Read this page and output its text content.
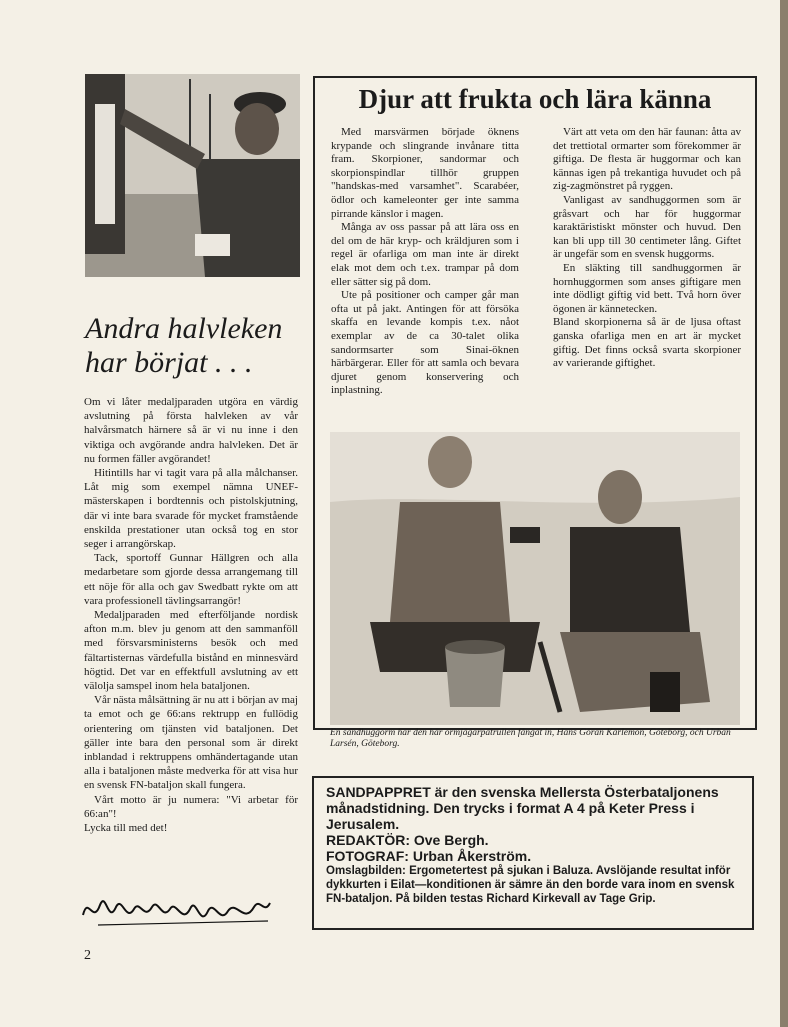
Andra halvleken har börjat . . .

Om vi låter medaljparaden utgöra en värdig avslutning på första halvleken av vår halvårsmatch härnere så är vi nu inne i den viktiga och avgörande andra halvleken. Det är nu formen fäller avgörandet!

Hitintills har vi tagit vara på alla målchanser. Låt mig som exempel nämna UNEF-mästerskapen i bordtennis och pistolskjutning, där vi inte bara svarade för mycket framstående enskilda prestationer utan också tog en stor seger i arrangörskap.

Tack, sportoff Gunnar Hällgren och alla medarbetare som gjorde dessa arrangemang till ett nöje för alla och gav Swedbatt rykte om att vara professionell tävlingsarrangör!

Medaljparaden med efterföljande nordisk afton m.m. blev ju genom att den sammanföll med försvarsministerns besök och med fältartisternas värdefulla bistånd en minnesvärd högtid. Det var en effektfull avslutning av ett välolja samspel inom hela bataljonen.

Vår nästa målsättning är nu att i början av maj ta emot och ge 66:ans rektrupp en fullödig orientering om tjänsten vid bataljonen. Det gäller inte bara den personal som är direkt inblandad i rektruppens omhändertagande utan alla i bataljonen måste medverka för att visa hur en svensk FN-bataljon skall fungera.

Vårt motto är ju numera: "Vi arbetar för 66:an"!

Lycka till med det!

2
Djur att frukta och lära känna

Med marsvärmen började öknens krypande och slingrande invånare titta fram. Skorpioner, sandormar och skorpionspindlar tillhör gruppen "handskas-med varsamhet". Scarabéer, ödlor och kameleonter ger inte samma pirrande känslor i magen.

Många av oss passar på att lära oss en del om de här kryp- och kräldjuren som i regel är ofarliga om man inte är direkt elak mot dem och t.ex. trampar på dom eller sätter sig på dom.

Ute på positioner och camper går man ofta ut på jakt. Antingen för att försöka skaffa en levande kompis t.ex. nåot exemplar av de ca 30-talet olika sandormsarter som Sinai-öknen härbärgerar. Eller för att samla och bevara djuret genom konservering och inplastning.

Värt att veta om den här faunan: åtta av det trettiotal ormarter som förekommer är giftiga. De flesta är huggormar och kan kännas igen på trekantiga huvudet och på zig-zagmönstret på ryggen.

Vanligast av sandhuggormen som är gråsvart och har för huggormar karaktäristiskt mönster och huvud. Den kan bli upp till 30 centimeter lång. Giftet är ungefär som en svensk huggorms.

En släkting till sandhuggormen är hornhuggormen som anses giftigare men inte dödligt giftig vid bett. Två horn över ögonen är kännetecken.

Bland skorpionerna så är de ljusa oftast ganska ofarliga men en art är mycket giftig. Det finns också svarta skorpioner av varierande giftighet.

En sandhuggorm har den här ormjägarpatrullen fångat in, Hans Göran Karlemon, Göteborg, och Urban Larsén, Göteborg.
SANDPAPPRET är den svenska Mellersta Österbataljonens månadstidning. Den trycks i format A 4 på Keter Press i Jerusalem.
REDAKTÖR: Ove Bergh.
FOTOGRAF: Urban Åkerström.
Omslagbilden: Ergometertest på sjukan i Baluza. Avslöjande resultat inför dykkurten i Eilat—konditionen är sämre än den borde vara inom en svensk FN-bataljon. På bilden testas Richard Kirkevall av Tage Grip.
